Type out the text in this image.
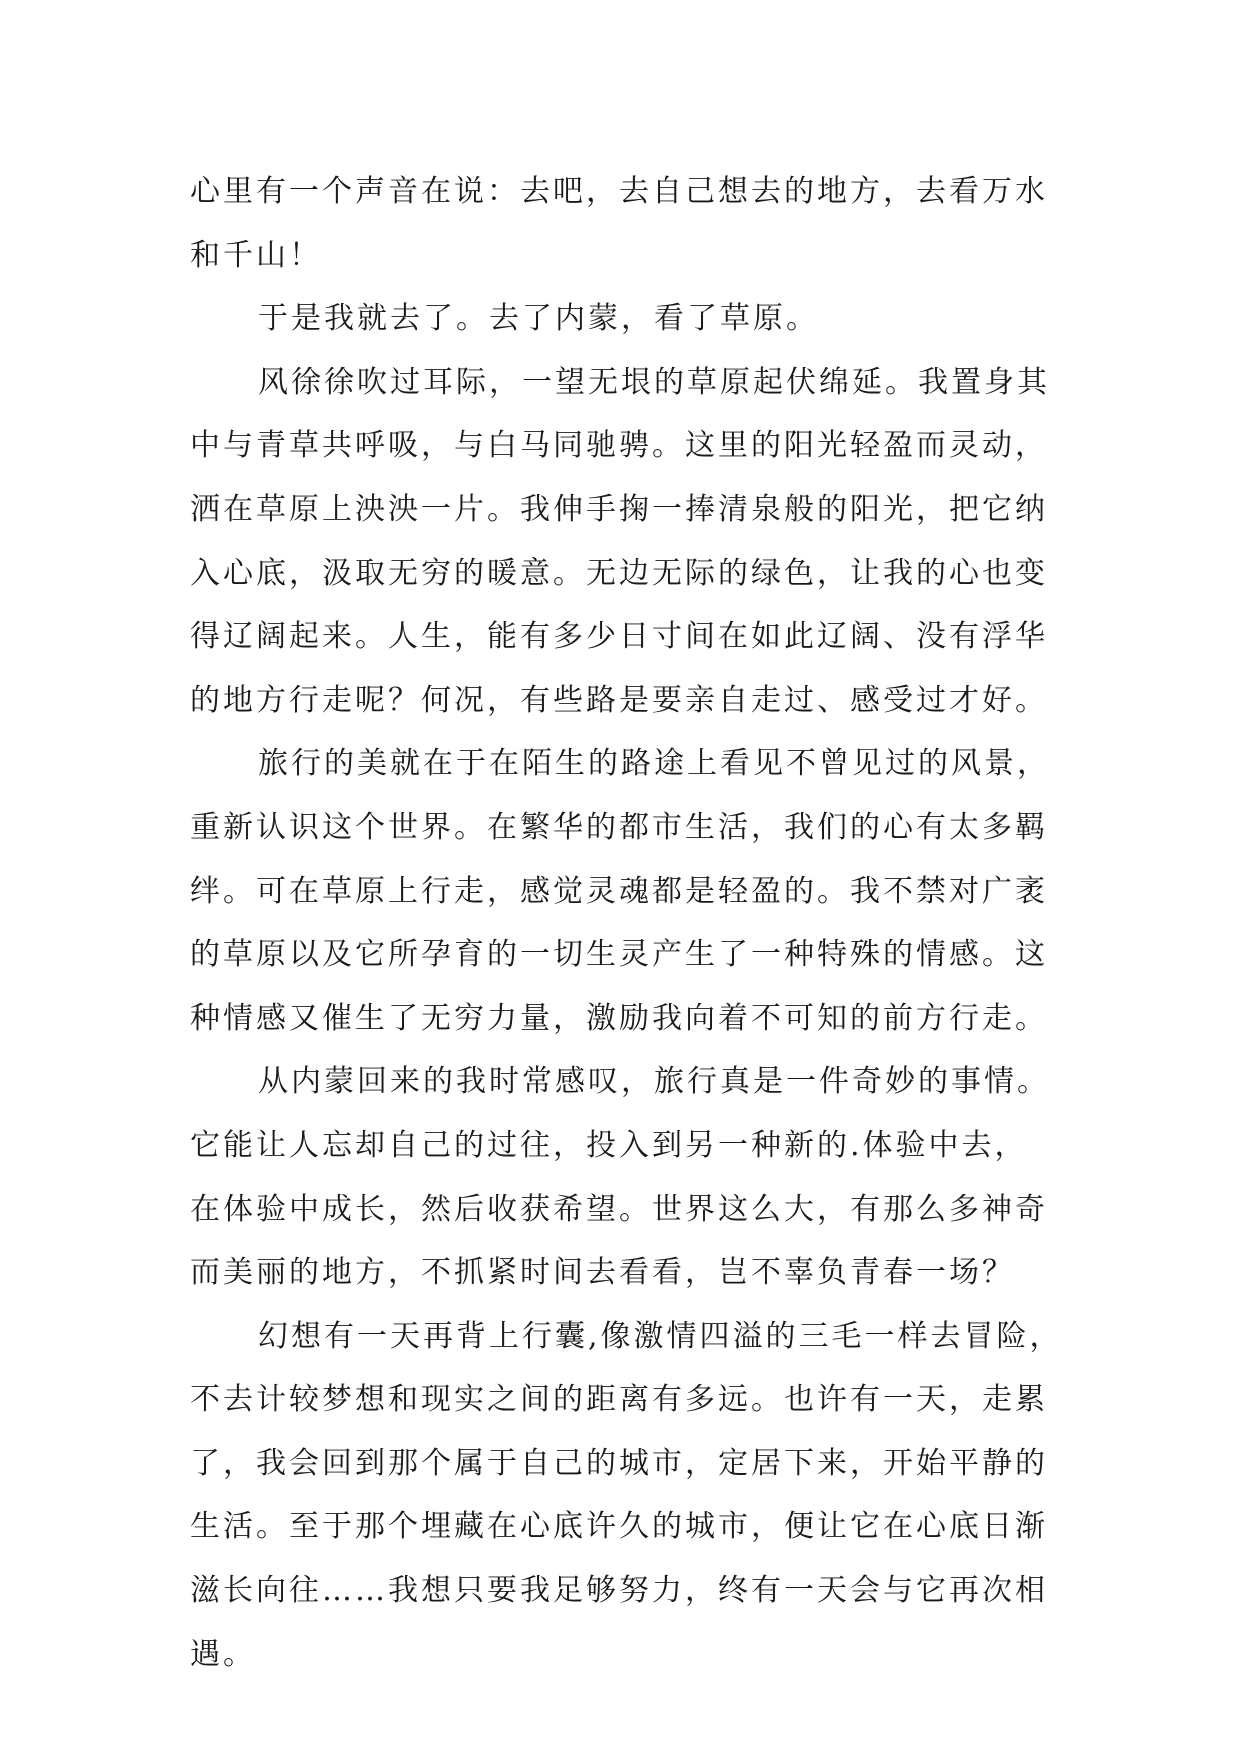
心里有一个声音在说：去吧，去自己想去的地方，去看万水
和千山！
于是我就去了。去了内蒙，看了草原。
风徐徐吹过耳际，一望无垠的草原起伏绵延。我置身其
中与青草共呼吸，与白马同驰骋。这里的阳光轻盈而灵动，
洒在草原上泱泱一片。我伸手掬一捧清泉般的阳光，把它纳
入心底，汲取无穷的暖意。无边无际的绿色，让我的心也变
得辽阔起来。人生，能有多少日寸间在如此辽阔、没有浮华
的地方行走呢？何况，有些路是要亲自走过、感受过才好。
旅行的美就在于在陌生的路途上看见不曾见过的风景，
重新认识这个世界。在繁华的都市生活，我们的心有太多羁
绊。可在草原上行走，感觉灵魂都是轻盈的。我不禁对广袤
的草原以及它所孕育的一切生灵产生了一种特殊的情感。这
种情感又催生了无穷力量，激励我向着不可知的前方行走。
从内蒙回来的我时常感叹，旅行真是一件奇妙的事情。
它能让人忘却自己的过往，投入到另一种新的.体验中去，
在体验中成长，然后收获希望。世界这么大，有那么多神奇
而美丽的地方，不抓紧时间去看看，岂不辜负青春一场？
幻想有一天再背上行囊,像激情四溢的三毛一样去冒险，
不去计较梦想和现实之间的距离有多远。也许有一天，走累
了，我会回到那个属于自己的城市，定居下来，开始平静的
生活。至于那个埋藏在心底许久的城市，便让它在心底日渐
滋长向往……我想只要我足够努力，终有一天会与它再次相
遇。
